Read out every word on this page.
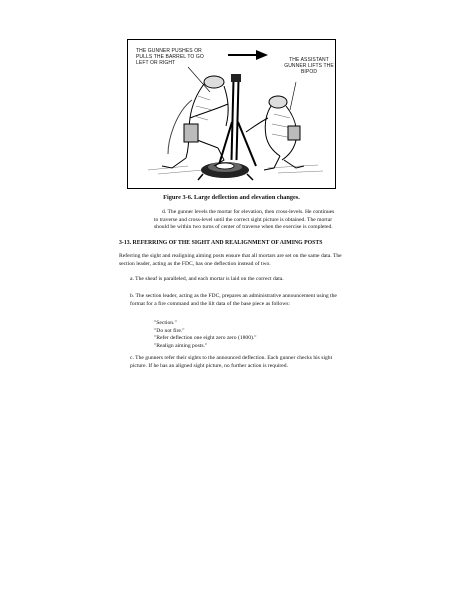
THE GUNNER PUSHES OR PULLS THE BARREL TO GO LEFT OR RIGHT	THE ASSISTANT GUNNER LIFTS THE BIPOD
Figure 3-6. Large deflection and elevation changes.

d. The gunner levels the mortar for elevation, then cross-levels. He continues to traverse and cross-level until the correct sight picture is obtained. The mortar should be within two turns of center of traverse when the exercise is completed.

3-13. REFERRING OF THE SIGHT AND REALIGNMENT OF AIMING POSTS

Referring the sight and realigning aiming posts ensure that all mortars are set on the same data. The section leader, acting as the FDC, has one deflection instead of two.

a. The sheaf is paralleled, and each mortar is laid on the correct data.

b. The section leader, acting as the FDC, prepares an administrative announcement using the format for a fire command and the lilt data of the base piece as follows:

"Section."
"Do not fire."
"Refer deflection one eight zero zero (1800)."
"Realign aiming posts."

c. The gunners refer their sights to the announced deflection. Each gunner checks his sight picture. If he has an aligned sight picture, no further action is required.
